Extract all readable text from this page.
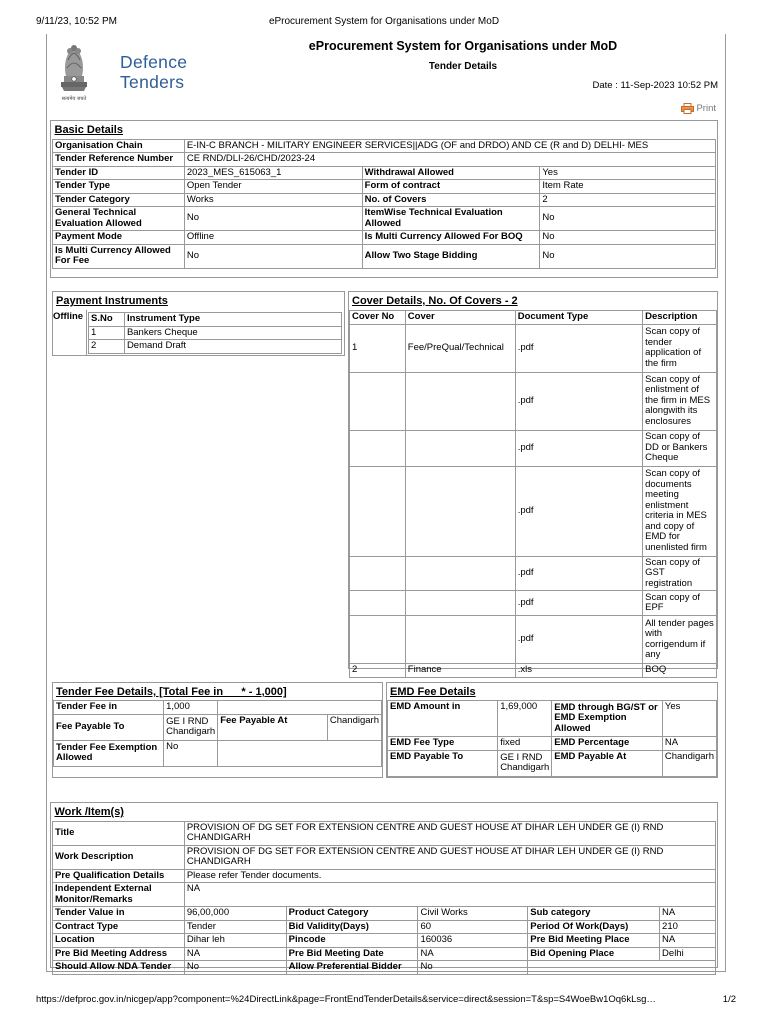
9/11/23, 10:52 PM	eProcurement System for Organisations under MoD
सत्यमेव जयते
Defence
Tenders
eProcurement System for Organisations under MoD
Tender Details
Date : 11-Sep-2023 10:52 PM
Print
Basic Details			
Organisation Chain	E-IN-C BRANCH - MILITARY ENGINEER SERVICES||ADG (OF and DRDO) AND CE (R and D) DELHI- MES		
Tender Reference Number	CE RND/DLI-26/CHD/2023-24		
Tender ID	2023_MES_615063_1	Withdrawal Allowed	Yes
Tender Type	Open Tender	Form of contract	Item Rate
Tender Category	Works	No. of Covers	2
General Technical Evaluation Allowed	No	ItemWise Technical Evaluation Allowed	No
Payment Mode	Offline	Is Multi Currency Allowed For BOQ	No
Is Multi Currency Allowed For Fee	No	Allow Two Stage Bidding	No
Payment Instruments
Offline S.No	Instrument Type
1	Bankers Cheque
2	Demand Draft
Cover Details, No. Of Covers - 2
Cover No	Cover	Document Type	Description
1	Fee/PreQual/Technical	.pdf	Scan copy of tender application of the firm
		.pdf	Scan copy of enlistment of the firm in MES alongwith its enclosures
		.pdf	Scan copy of DD or Bankers Cheque
		.pdf	Scan copy of documents meeting enlistment criteria in MES and copy of EMD for unenlisted firm
		.pdf	Scan copy of GST registration
		.pdf	Scan copy of EPF
		.pdf	All tender pages with corrigendum if any
2	Finance	.xls	BOQ
Tender Fee Details, [Total Fee in      * - 1,000]
Tender Fee in	1,000		
Fee Payable To	GE I RND Chandigarh	Fee Payable At	Chandigarh
Tender Fee Exemption Allowed	No		
EMD Fee Details
EMD Amount in	1,69,000	EMD through BG/ST or EMD Exemption Allowed	Yes
EMD Fee Type	fixed	EMD Percentage	NA
EMD Payable To	GE I RND Chandigarh	EMD Payable At	Chandigarh
Work /Item(s)					
Title	PROVISION OF DG SET FOR EXTENSION CENTRE AND GUEST HOUSE AT DIHAR LEH UNDER GE (I) RND CHANDIGARH				
Work Description	PROVISION OF DG SET FOR EXTENSION CENTRE AND GUEST HOUSE AT DIHAR LEH UNDER GE (I) RND CHANDIGARH				
Pre Qualification Details	Please refer Tender documents.				
Independent External Monitor/Remarks	NA				
Tender Value in	96,00,000	Product Category	Civil Works	Sub category	NA
Contract Type	Tender	Bid Validity(Days)	60	Period Of Work(Days)	210
Location	Dihar leh	Pincode	160036	Pre Bid Meeting Place	NA
Pre Bid Meeting Address	NA	Pre Bid Meeting Date	NA	Bid Opening Place	Delhi
Should Allow NDA Tender	No	Allow Preferential Bidder	No		
https://defproc.gov.in/nicgep/app?component=%24DirectLink&page=FrontEndTenderDetails&service=direct&session=T&sp=S4WoeBw1Oq6kLsg…	1/2
